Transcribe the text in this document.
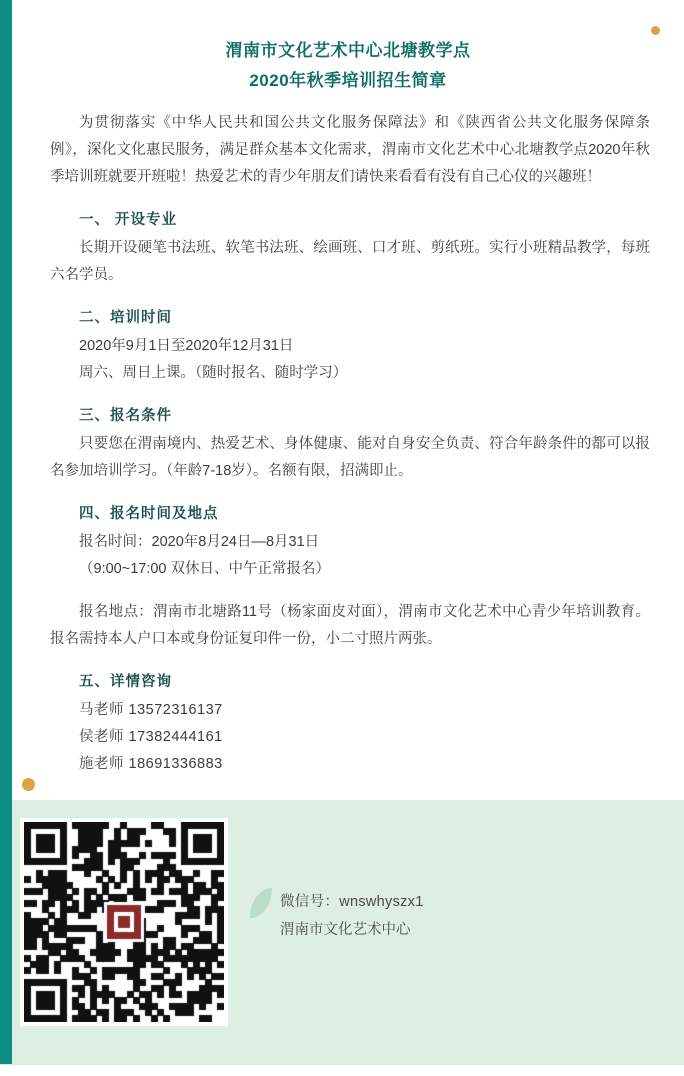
渭南市文化艺术中心北塘教学点
2020年秋季培训招生简章

为贯彻落实《中华人民共和国公共文化服务保障法》和《陕西省公共文化服务保障条例》，深化文化惠民服务，满足群众基本文化需求，渭南市文化艺术中心北塘教学点2020年秋季培训班就要开班啦！热爱艺术的青少年朋友们请快来看看有没有自己心仪的兴趣班！

一、 开设专业

长期开设硬笔书法班、软笔书法班、绘画班、口才班、剪纸班。实行小班精品教学，每班六名学员。

二、培训时间
2020年9月1日至2020年12月31日
周六、周日上课。（随时报名、随时学习）
三、报名条件

只要您在渭南境内、热爱艺术、身体健康、能对自身安全负责、符合年龄条件的都可以报名参加培训学习。（年龄7-18岁）。名额有限，招满即止。

四、报名时间及地点
报名时间：2020年8月24日—8月31日
（9:00~17:00 双休日、中午正常报名）

报名地点：渭南市北塘路11号（杨家面皮对面），渭南市文化艺术中心青少年培训教育。报名需持本人户口本或身份证复印件一份，小二寸照片两张。

五、详情咨询
马老师 13572316137
侯老师 17382444161
施老师 18691336883
微信号：wnswhyszx1
渭南市文化艺术中心
